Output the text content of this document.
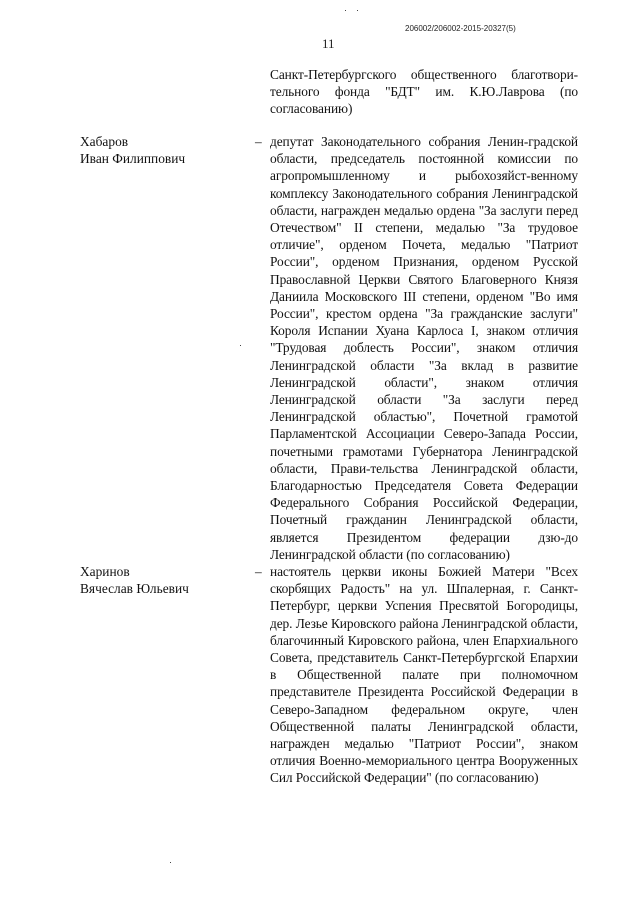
206002/206002-2015-20327(5)
11

Санкт-Петербургского общественного благотвори-тельного фонда "БДТ" им. К.Ю.Лаврова (по согласованию)

Хабаров
Иван Филиппович

– депутат Законодательного собрания Ленин-градской области, председатель постоянной комиссии по агропромышленному и рыбохозяйст-венному комплексу Законодательного собрания Ленинградской области, награжден медалью ордена "За заслуги перед Отечеством" II степени, медалью "За трудовое отличие", орденом Почета, медалью "Патриот России", орденом Признания, орденом Русской Православной Церкви Святого Благоверного Князя Даниила Московского III степени, орденом "Во имя России", крестом ордена "За гражданские заслуги" Короля Испании Хуана Карлоса I, знаком отличия "Трудовая доблесть России", знаком отличия Ленинградской области "За вклад в развитие Ленинградской области", знаком отличия Ленинградской области "За заслуги перед Ленинградской областью", Почетной грамотой Парламентской Ассоциации Северо-Запада России, почетными грамотами Губернатора Ленинградской области, Прави-тельства Ленинградской области, Благодарностью Председателя Совета Федерации Федерального Собрания Российской Федерации, Почетный гражданин Ленинградской области, является Президентом федерации дзю-до Ленинградской области (по согласованию)

Харинов
Вячеслав Юльевич

– настоятель церкви иконы Божией Матери "Всех скорбящих Радость" на ул. Шпалерная, г. Санкт-Петербург, церкви Успения Пресвятой Богородицы, дер. Лезье Кировского района Ленинградской области, благочинный Кировского района, член Епархиального Совета, представитель Санкт-Петербургской Епархии в Общественной палате при полномочном представителе Президента Российской Федерации в Северо-Западном федеральном округе, член Общественной палаты Ленинградской области, награжден медалью "Патриот России", знаком отличия Военно-мемориального центра Вооруженных Сил Российской Федерации" (по согласованию)
